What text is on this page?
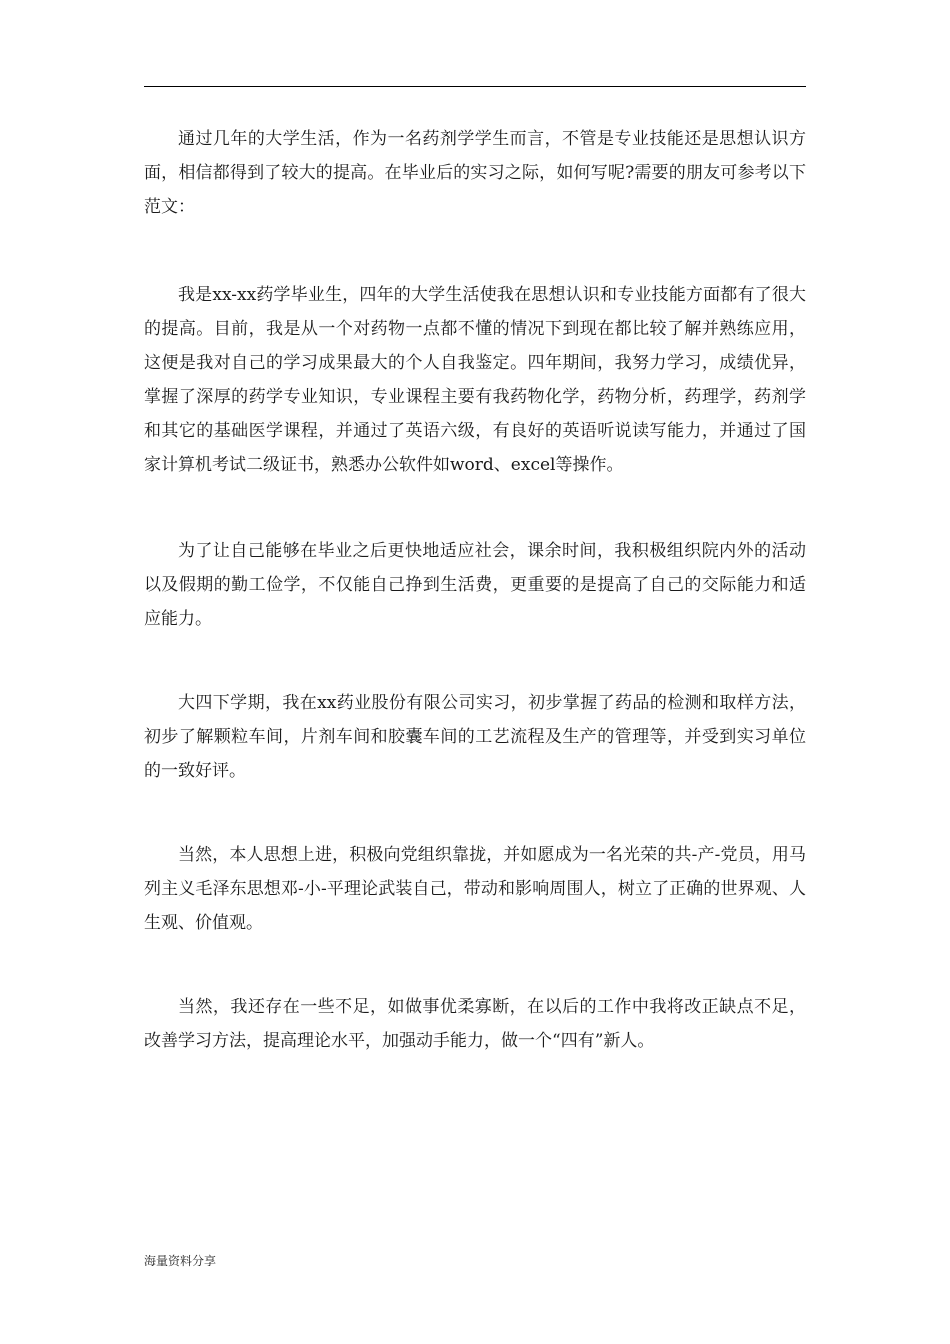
通过几年的大学生活，作为一名药剂学学生而言，不管是专业技能还是思想认识方面，相信都得到了较大的提高。在毕业后的实习之际，如何写呢?需要的朋友可参考以下范文：

我是xx-xx药学毕业生，四年的大学生活使我在思想认识和专业技能方面都有了很大的提高。目前，我是从一个对药物一点都不懂的情况下到现在都比较了解并熟练应用，这便是我对自己的学习成果最大的个人自我鉴定。四年期间，我努力学习，成绩优异，掌握了深厚的药学专业知识，专业课程主要有我药物化学，药物分析，药理学，药剂学和其它的基础医学课程，并通过了英语六级，有良好的英语听说读写能力，并通过了国家计算机考试二级证书，熟悉办公软件如word、excel等操作。

为了让自己能够在毕业之后更快地适应社会，课余时间，我积极组织院内外的活动以及假期的勤工俭学，不仅能自己挣到生活费，更重要的是提高了自己的交际能力和适应能力。

大四下学期，我在xx药业股份有限公司实习，初步掌握了药品的检测和取样方法，初步了解颗粒车间，片剂车间和胶囊车间的工艺流程及生产的管理等，并受到实习单位的一致好评。

当然，本人思想上进，积极向党组织靠拢，并如愿成为一名光荣的共-产-党员，用马列主义毛泽东思想邓-小-平理论武装自己，带动和影响周围人，树立了正确的世界观、人生观、价值观。

当然，我还存在一些不足，如做事优柔寡断，在以后的工作中我将改正缺点不足，改善学习方法，提高理论水平，加强动手能力，做一个“四有”新人。

海量资料分享
